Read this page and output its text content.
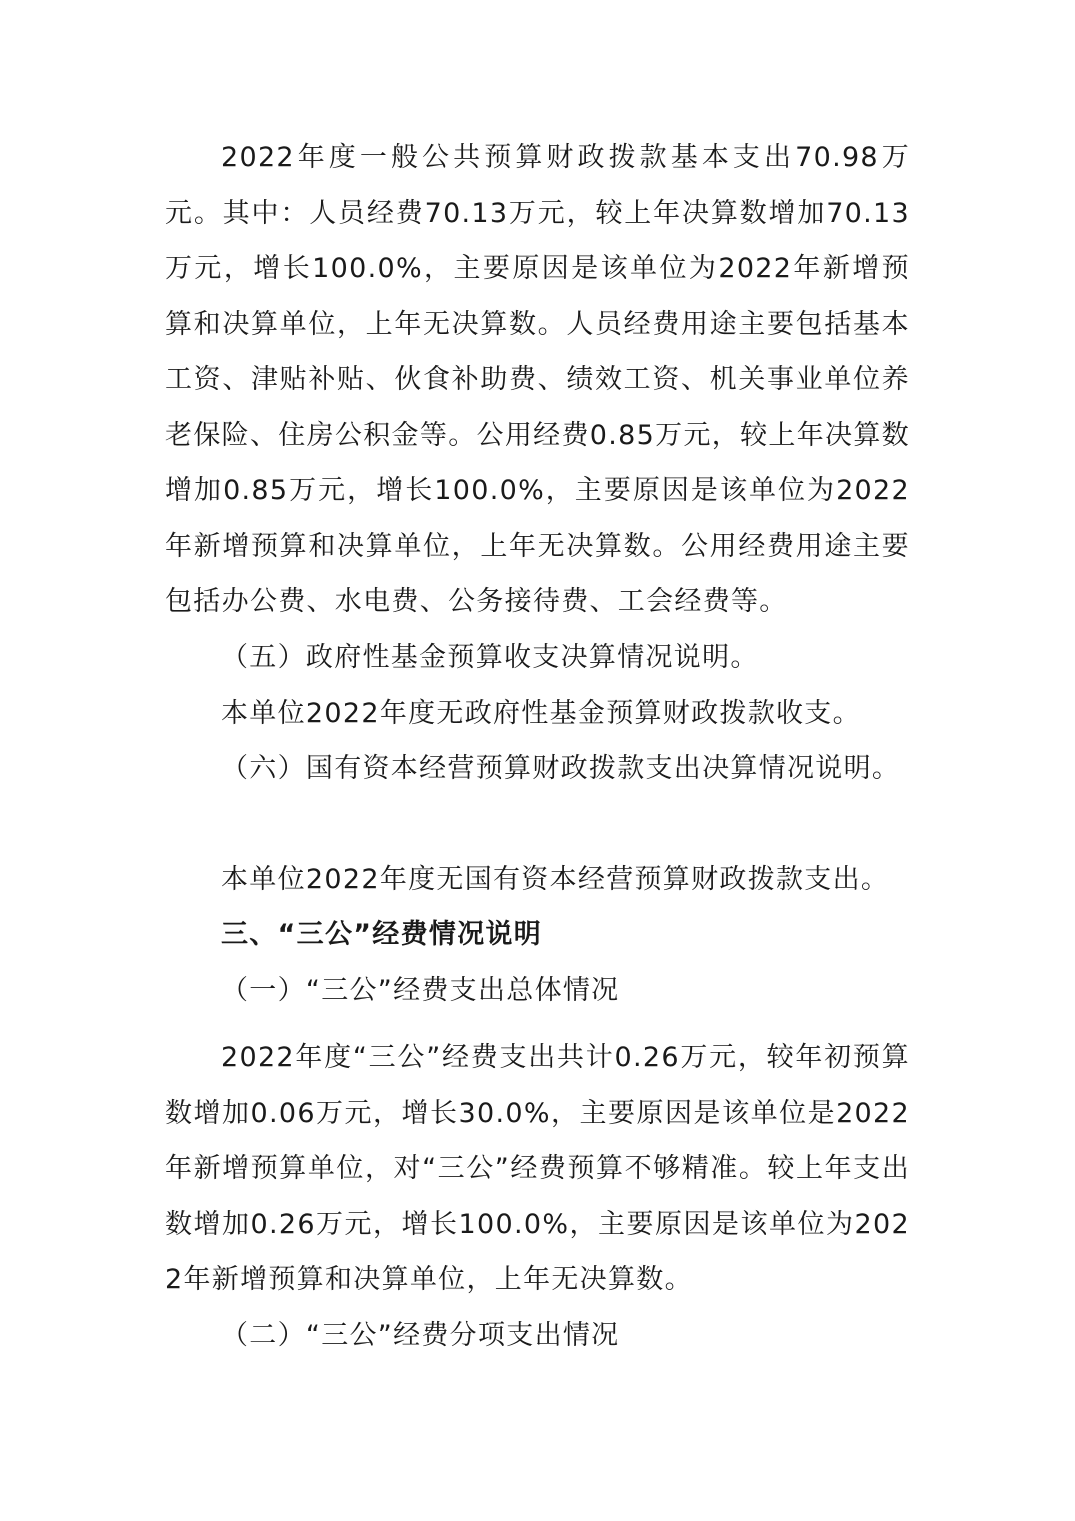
2022年度一般公共预算财政拨款基本支出70.98万元。其中：人员经费70.13万元，较上年决算数增加70.13万元，增长100.0%，主要原因是该单位为2022年新增预算和决算单位，上年无决算数。人员经费用途主要包括基本工资、津贴补贴、伙食补助费、绩效工资、机关事业单位养老保险、住房公积金等。公用经费0.85万元，较上年决算数增加0.85万元，增长100.0%，主要原因是该单位为2022年新增预算和决算单位，上年无决算数。公用经费用途主要包括办公费、水电费、公务接待费、工会经费等。

（五）政府性基金预算收支决算情况说明。

本单位2022年度无政府性基金预算财政拨款收支。

（六）国有资本经营预算财政拨款支出决算情况说明。

本单位2022年度无国有资本经营预算财政拨款支出。

三、“三公”经费情况说明

（一）“三公”经费支出总体情况

2022年度“三公”经费支出共计0.26万元，较年初预算数增加0.06万元，增长30.0%，主要原因是该单位是2022年新增预算单位，对“三公”经费预算不够精准。较上年支出数增加0.26万元，增长100.0%，主要原因是该单位为2022年新增预算和决算单位，上年无决算数。

（二）“三公”经费分项支出情况
